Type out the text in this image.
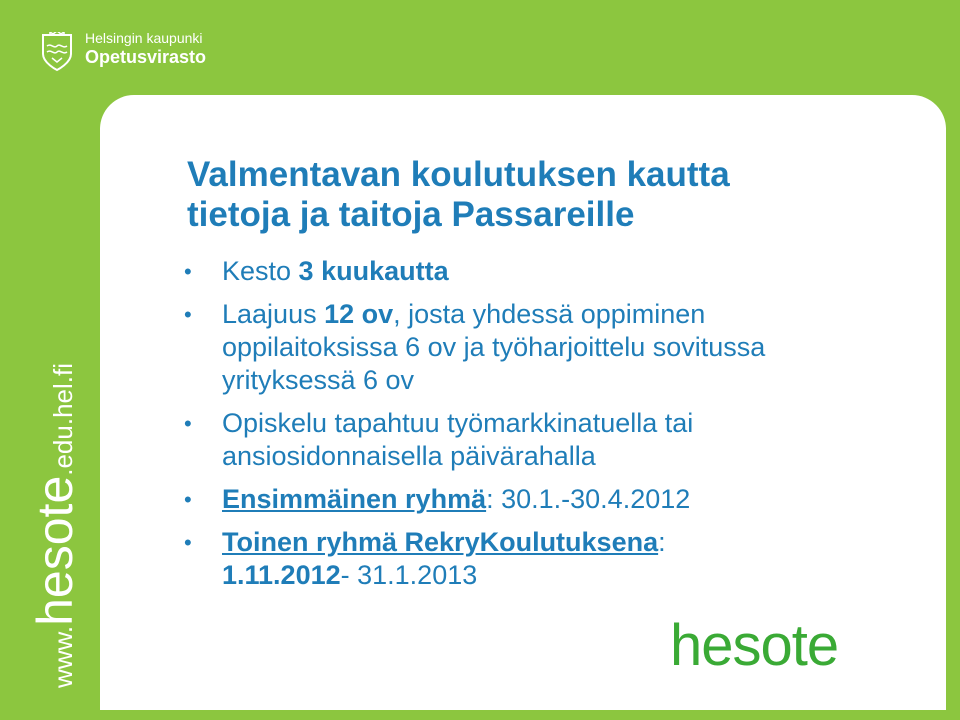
Helsingin kaupunki
Opetusvirasto
www.hesote.edu.hel.fi
Valmentavan koulutuksen kautta
tietoja ja taitoja Passareille
• Kesto 3 kuukautta
• Laajuus 12 ov, josta yhdessä oppiminen oppilaitoksissa 6 ov ja työharjoittelu sovitussa yrityksessä 6 ov
• Opiskelu tapahtuu työmarkkinatuella tai ansiosidonnaisella päivärahalla
• Ensimmäinen ryhmä: 30.1.-30.4.2012
• Toinen ryhmä RekryKoulutuksena:
1.11.2012- 31.1.2013
hesote
